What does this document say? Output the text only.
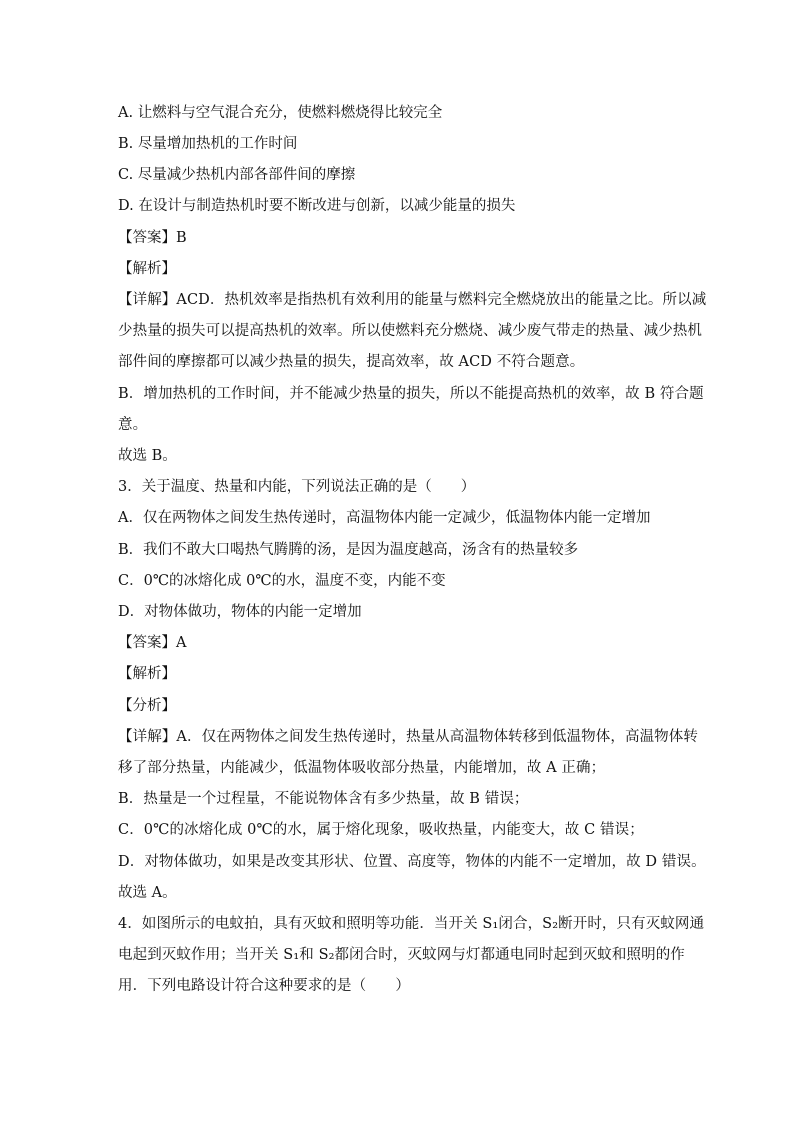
A. 让燃料与空气混合充分，使燃料燃烧得比较完全
B. 尽量增加热机的工作时间
C. 尽量减少热机内部各部件间的摩擦
D. 在设计与制造热机时要不断改进与创新，以减少能量的损失
【答案】B
【解析】
【详解】ACD．热机效率是指热机有效利用的能量与燃料完全燃烧放出的能量之比。所以减
少热量的损失可以提高热机的效率。所以使燃料充分燃烧、减少废气带走的热量、减少热机
部件间的摩擦都可以减少热量的损失，提高效率，故 ACD 不符合题意。
B．增加热机的工作时间，并不能减少热量的损失，所以不能提高热机的效率，故 B 符合题
意。
故选 B。
3．关于温度、热量和内能，下列说法正确的是（　　）
A．仅在两物体之间发生热传递时，高温物体内能一定减少，低温物体内能一定增加
B．我们不敢大口喝热气腾腾的汤，是因为温度越高，汤含有的热量较多
C．0℃的冰熔化成 0℃的水，温度不变，内能不变
D．对物体做功，物体的内能一定增加
【答案】A
【解析】
【分析】
【详解】A．仅在两物体之间发生热传递时，热量从高温物体转移到低温物体，高温物体转
移了部分热量，内能减少，低温物体吸收部分热量，内能增加，故 A 正确；
B．热量是一个过程量，不能说物体含有多少热量，故 B 错误；
C．0℃的冰熔化成 0℃的水，属于熔化现象，吸收热量，内能变大，故 C 错误；
D．对物体做功，如果是改变其形状、位置、高度等，物体的内能不一定增加，故 D 错误。
故选 A。
4．如图所示的电蚊拍，具有灭蚊和照明等功能．当开关 S₁闭合，S₂断开时，只有灭蚊网通
电起到灭蚊作用；当开关 S₁和 S₂都闭合时，灭蚊网与灯都通电同时起到灭蚊和照明的作
用．下列电路设计符合这种要求的是（　　）
